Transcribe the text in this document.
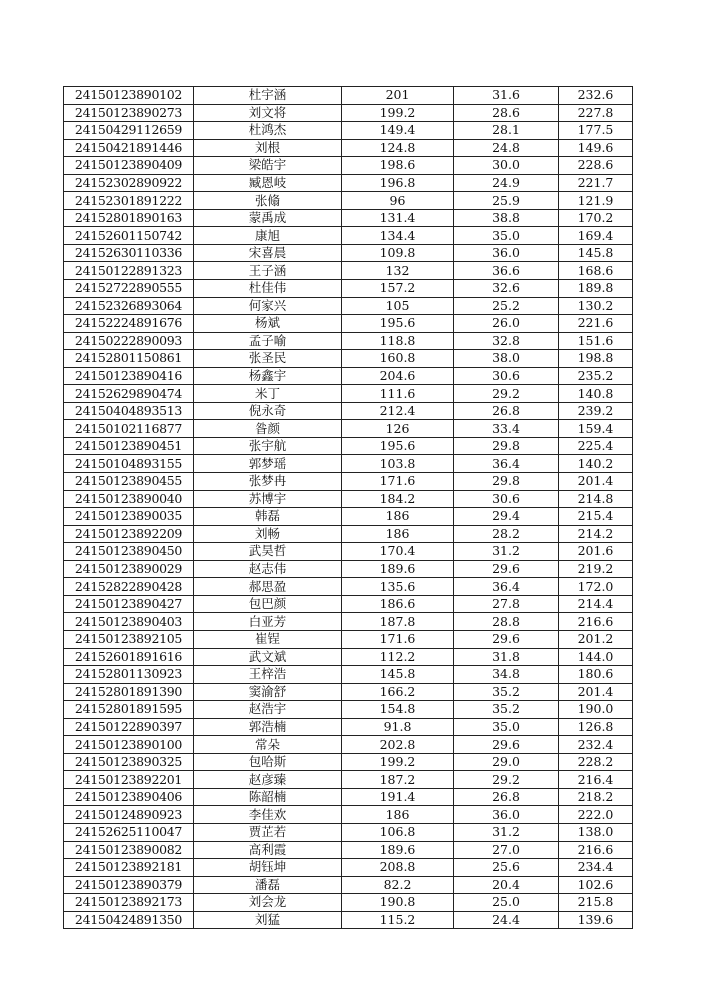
24150123890102	杜宇涵	201	31.6	232.6
24150123890273	刘文将	199.2	28.6	227.8
24150429112659	杜鸿杰	149.4	28.1	177.5
24150421891446	刘根	124.8	24.8	149.6
24150123890409	梁皓宇	198.6	30.0	228.6
24152302890922	臧恩岐	196.8	24.9	221.7
24152301891222	张翛	96	25.9	121.9
24152801890163	蒙禹成	131.4	38.8	170.2
24152601150742	康旭	134.4	35.0	169.4
24152630110336	宋喜晨	109.8	36.0	145.8
24150122891323	王子涵	132	36.6	168.6
24152722890555	杜佳伟	157.2	32.6	189.8
24152326893064	何家兴	105	25.2	130.2
24152224891676	杨斌	195.6	26.0	221.6
24150222890093	孟子喻	118.8	32.8	151.6
24152801150861	张圣民	160.8	38.0	198.8
24150123890416	杨鑫宇	204.6	30.6	235.2
24152629890474	米丁	111.6	29.2	140.8
24150404893513	倪永奇	212.4	26.8	239.2
24150102116877	昝颜	126	33.4	159.4
24150123890451	张宇航	195.6	29.8	225.4
24150104893155	郭梦瑶	103.8	36.4	140.2
24150123890455	张梦冉	171.6	29.8	201.4
24150123890040	苏博宇	184.2	30.6	214.8
24150123890035	韩磊	186	29.4	215.4
24150123892209	刘畅	186	28.2	214.2
24150123890450	武昊哲	170.4	31.2	201.6
24150123890029	赵志伟	189.6	29.6	219.2
24152822890428	郝思盈	135.6	36.4	172.0
24150123890427	包巴颜	186.6	27.8	214.4
24150123890403	白亚芳	187.8	28.8	216.6
24150123892105	崔锃	171.6	29.6	201.2
24152601891616	武文斌	112.2	31.8	144.0
24152801130923	王梓浩	145.8	34.8	180.6
24152801891390	窦渝舒	166.2	35.2	201.4
24152801891595	赵浩宇	154.8	35.2	190.0
24150122890397	郭浩楠	91.8	35.0	126.8
24150123890100	常朵	202.8	29.6	232.4
24150123890325	包哈斯	199.2	29.0	228.2
24150123892201	赵彦臻	187.2	29.2	216.4
24150123890406	陈韶楠	191.4	26.8	218.2
24150124890923	李佳欢	186	36.0	222.0
24152625110047	贾芷若	106.8	31.2	138.0
24150123890082	高利霞	189.6	27.0	216.6
24150123892181	胡钰坤	208.8	25.6	234.4
24150123890379	潘磊	82.2	20.4	102.6
24150123892173	刘会龙	190.8	25.0	215.8
24150424891350	刘猛	115.2	24.4	139.6
